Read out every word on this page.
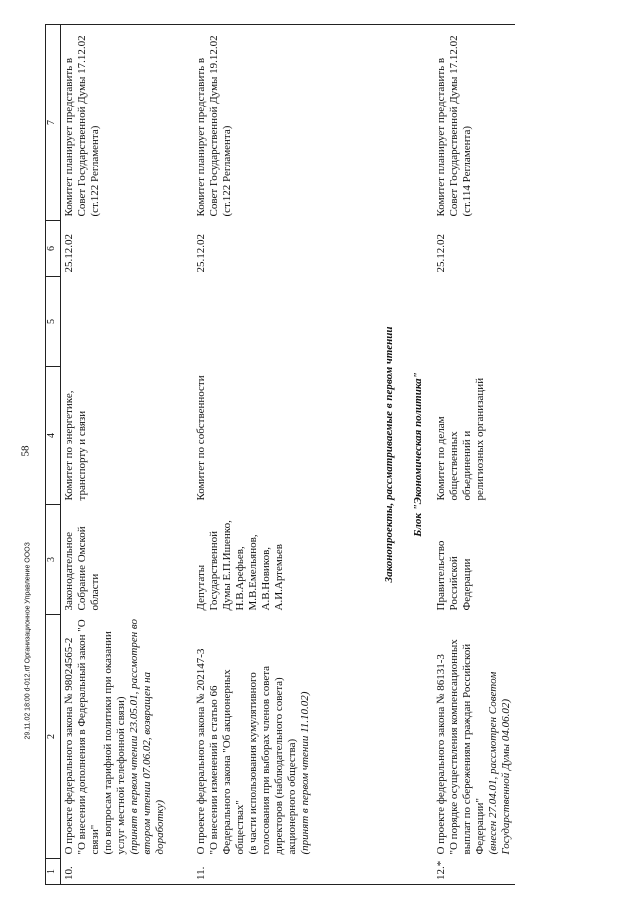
58
29.11.02 18:00 d-012.rtf Организационное Управление ОООЗ
1	2	3	4	5	6	7
10.	О проекте федерального закона № 98024565-2 "О внесении дополнения в Федеральный закон "О связи" (по вопросам тарифной политики при оказании услуг местной телефонной связи) (принят в первом чтении 23.05.01, рассмотрен во втором чтении 07.06.02, возвращен на доработку)	Законодательное Собрание Омской области	Комитет по энергетике, транспорту и связи		25.12.02	Комитет планирует представить в Совет Государственной Думы 17.12.02 (ст.122 Регламента)
11.	О проекте федерального закона № 202147-3 "О внесении изменений в статью 66 Федерального закона "Об акционерных обществах" (в части использования кумулятивного голосования при выборах членов совета директоров (наблюдательного совета) акционерного общества) (принят в первом чтении 11.10.02)	Депутаты Государственной Думы Е.П.Ишенко, Н.В.Арефьев, М.В.Емельянов, А.В.Новиков, А.И.Артемьев	Комитет по собственности		25.12.02	Комитет планирует представить в Совет Государственной Думы 19.12.02 (ст.122 Регламента)
Законопроекты, рассматриваемые в первом чтении						
Блок "Экономическая политика"						
12.*	О проекте федерального закона № 86131-3 "О порядке осуществления компенсационных выплат по сбережениям граждан Российской Федерации" (внесен 27.04.01, рассмотрен Советом Государственной Думы 04.06.02)	Правительство Российской Федерации	Комитет по делам общественных объединений и религиозных организаций		25.12.02	Комитет планирует представить в Совет Государственной Думы 17.12.02 (ст.114 Регламента)
